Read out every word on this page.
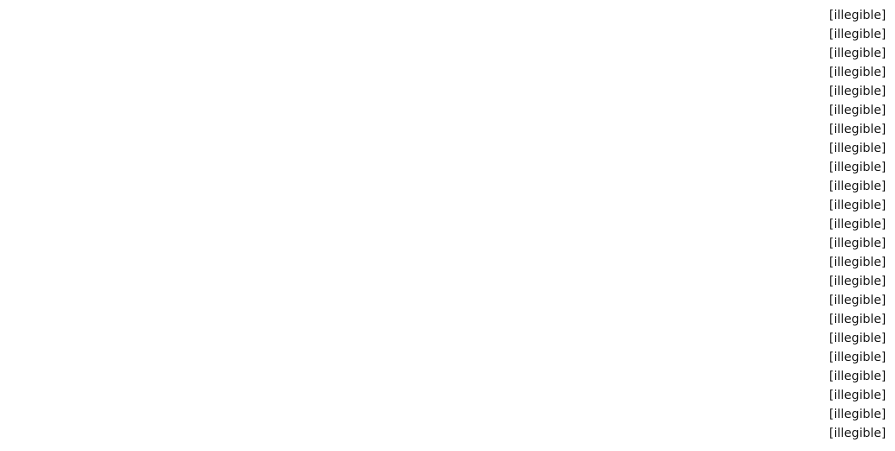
[illegible]
[illegible]
[illegible]
[illegible]
[illegible]
[illegible]
[illegible]
[illegible]
[illegible]
[illegible]
[illegible]
[illegible]
[illegible]
[illegible]
[illegible]
[illegible]
[illegible]
[illegible]
[illegible]
[illegible]
[illegible]
[illegible]
[illegible]
